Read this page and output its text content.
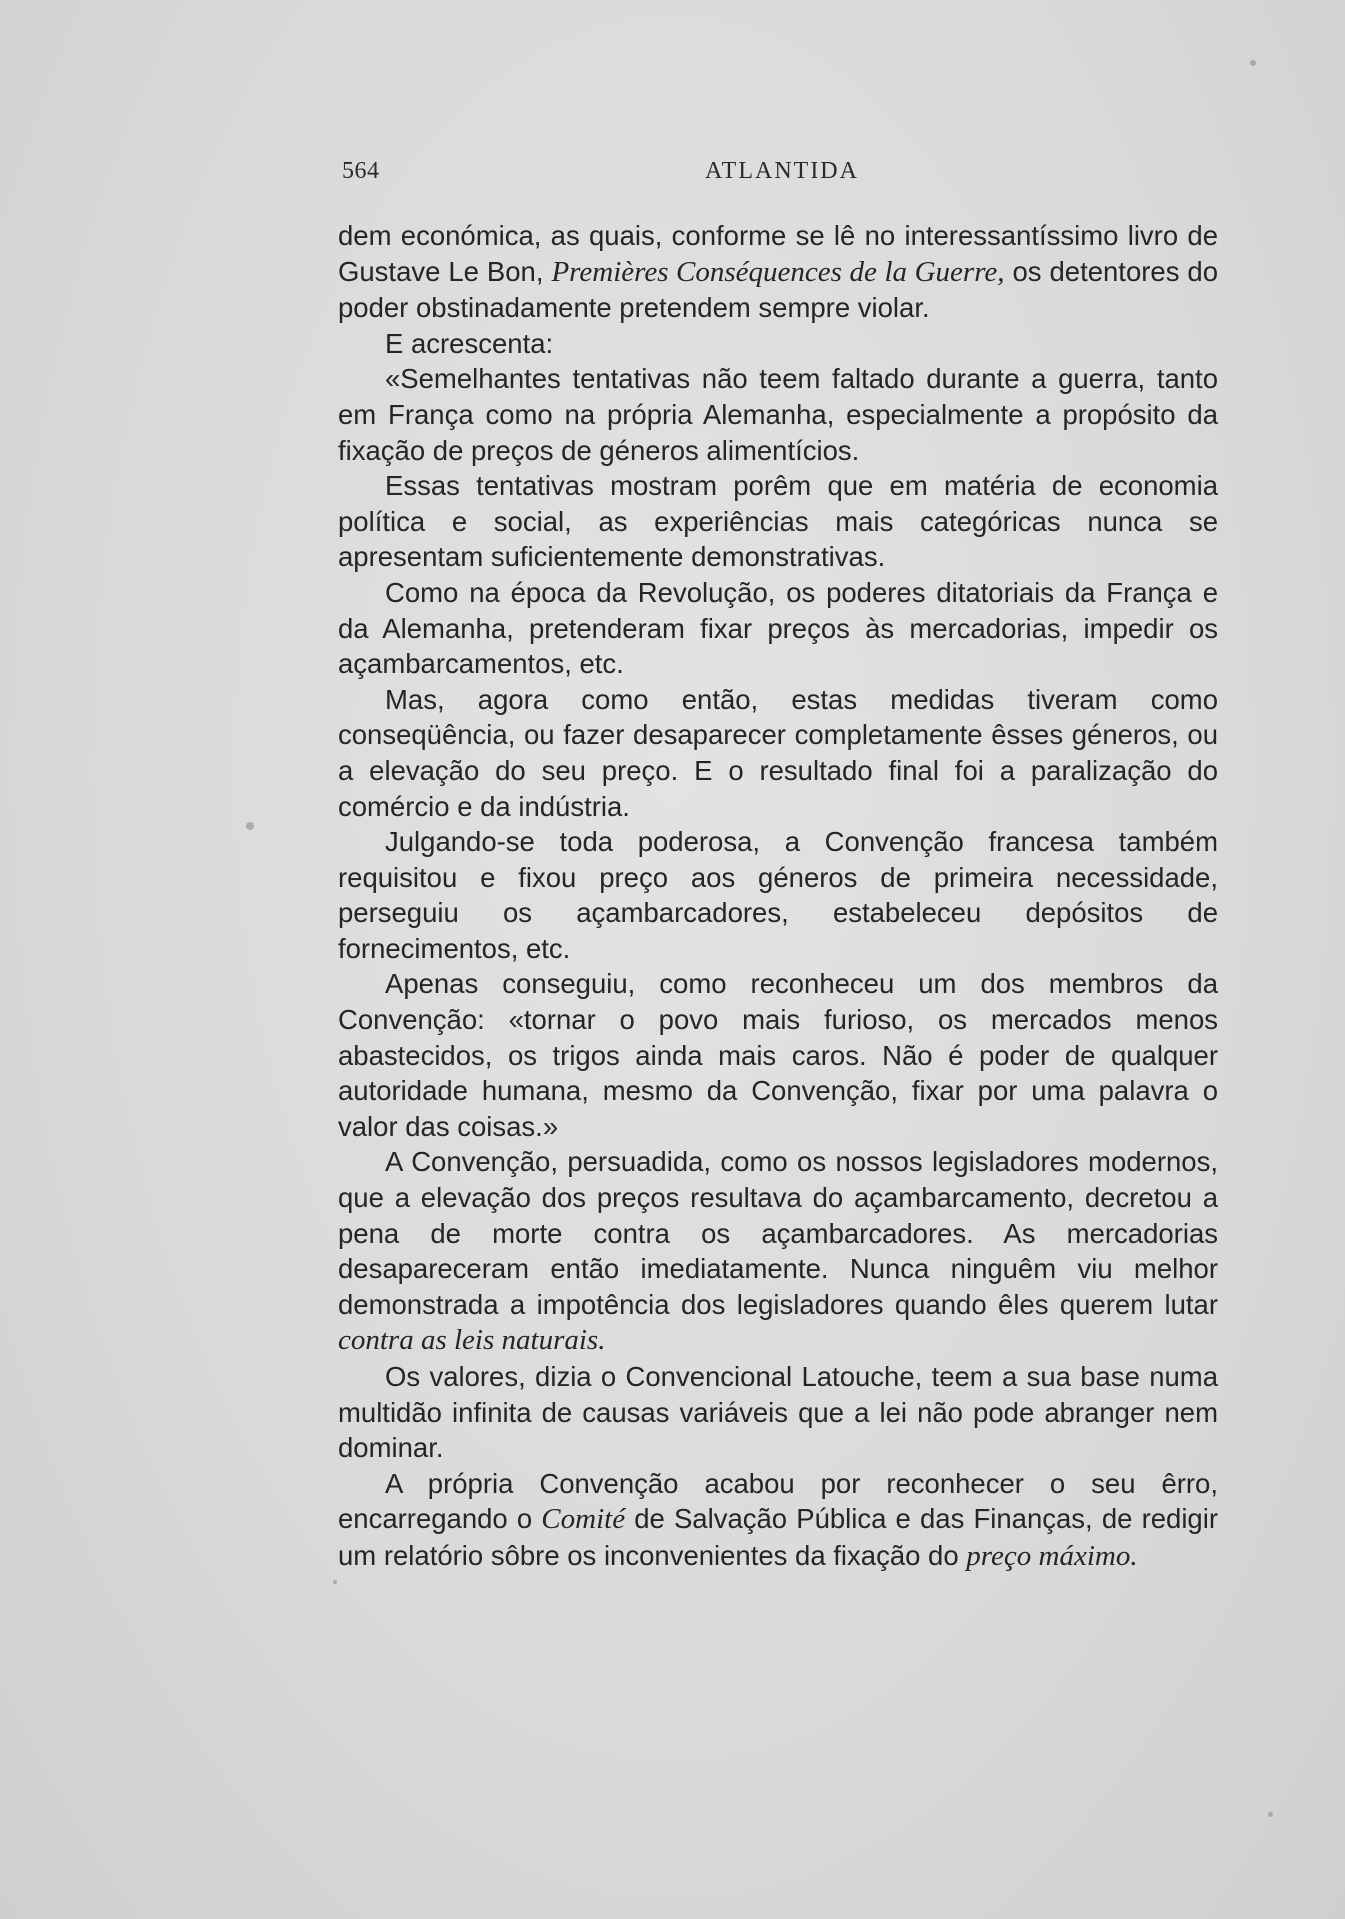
564	ATLANTIDA

dem económica, as quais, conforme se lê no interessantíssimo livro de Gustave Le Bon, Premières Conséquences de la Guerre, os detentores do poder obstinadamente pretendem sempre violar.

E acrescenta:

«Semelhantes tentativas não teem faltado durante a guerra, tanto em França como na própria Alemanha, especialmente a propósito da fixação de preços de géneros alimentícios.

Essas tentativas mostram porêm que em matéria de economia política e social, as experiências mais categóricas nunca se apresentam suficientemente demonstrativas.

Como na época da Revolução, os poderes ditatoriais da França e da Alemanha, pretenderam fixar preços às mercadorias, impedir os açambarcamentos, etc.

Mas, agora como então, estas medidas tiveram como conseqüência, ou fazer desaparecer completamente êsses géneros, ou a elevação do seu preço. E o resultado final foi a paralização do comércio e da indústria.

Julgando-se toda poderosa, a Convenção francesa também requisitou e fixou preço aos géneros de primeira necessidade, perseguiu os açambarcadores, estabeleceu depósitos de fornecimentos, etc.

Apenas conseguiu, como reconheceu um dos membros da Convenção: «tornar o povo mais furioso, os mercados menos abastecidos, os trigos ainda mais caros. Não é poder de qualquer autoridade humana, mesmo da Convenção, fixar por uma palavra o valor das coisas.»

A Convenção, persuadida, como os nossos legisladores modernos, que a elevação dos preços resultava do açambarcamento, decretou a pena de morte contra os açambarcadores. As mercadorias desapareceram então imediatamente. Nunca ninguêm viu melhor demonstrada a impotência dos legisladores quando êles querem lutar contra as leis naturais.

Os valores, dizia o Convencional Latouche, teem a sua base numa multidão infinita de causas variáveis que a lei não pode abranger nem dominar.

A própria Convenção acabou por reconhecer o seu êrro, encarregando o Comité de Salvação Pública e das Finanças, de redigir um relatório sôbre os inconvenientes da fixação do preço máximo.
